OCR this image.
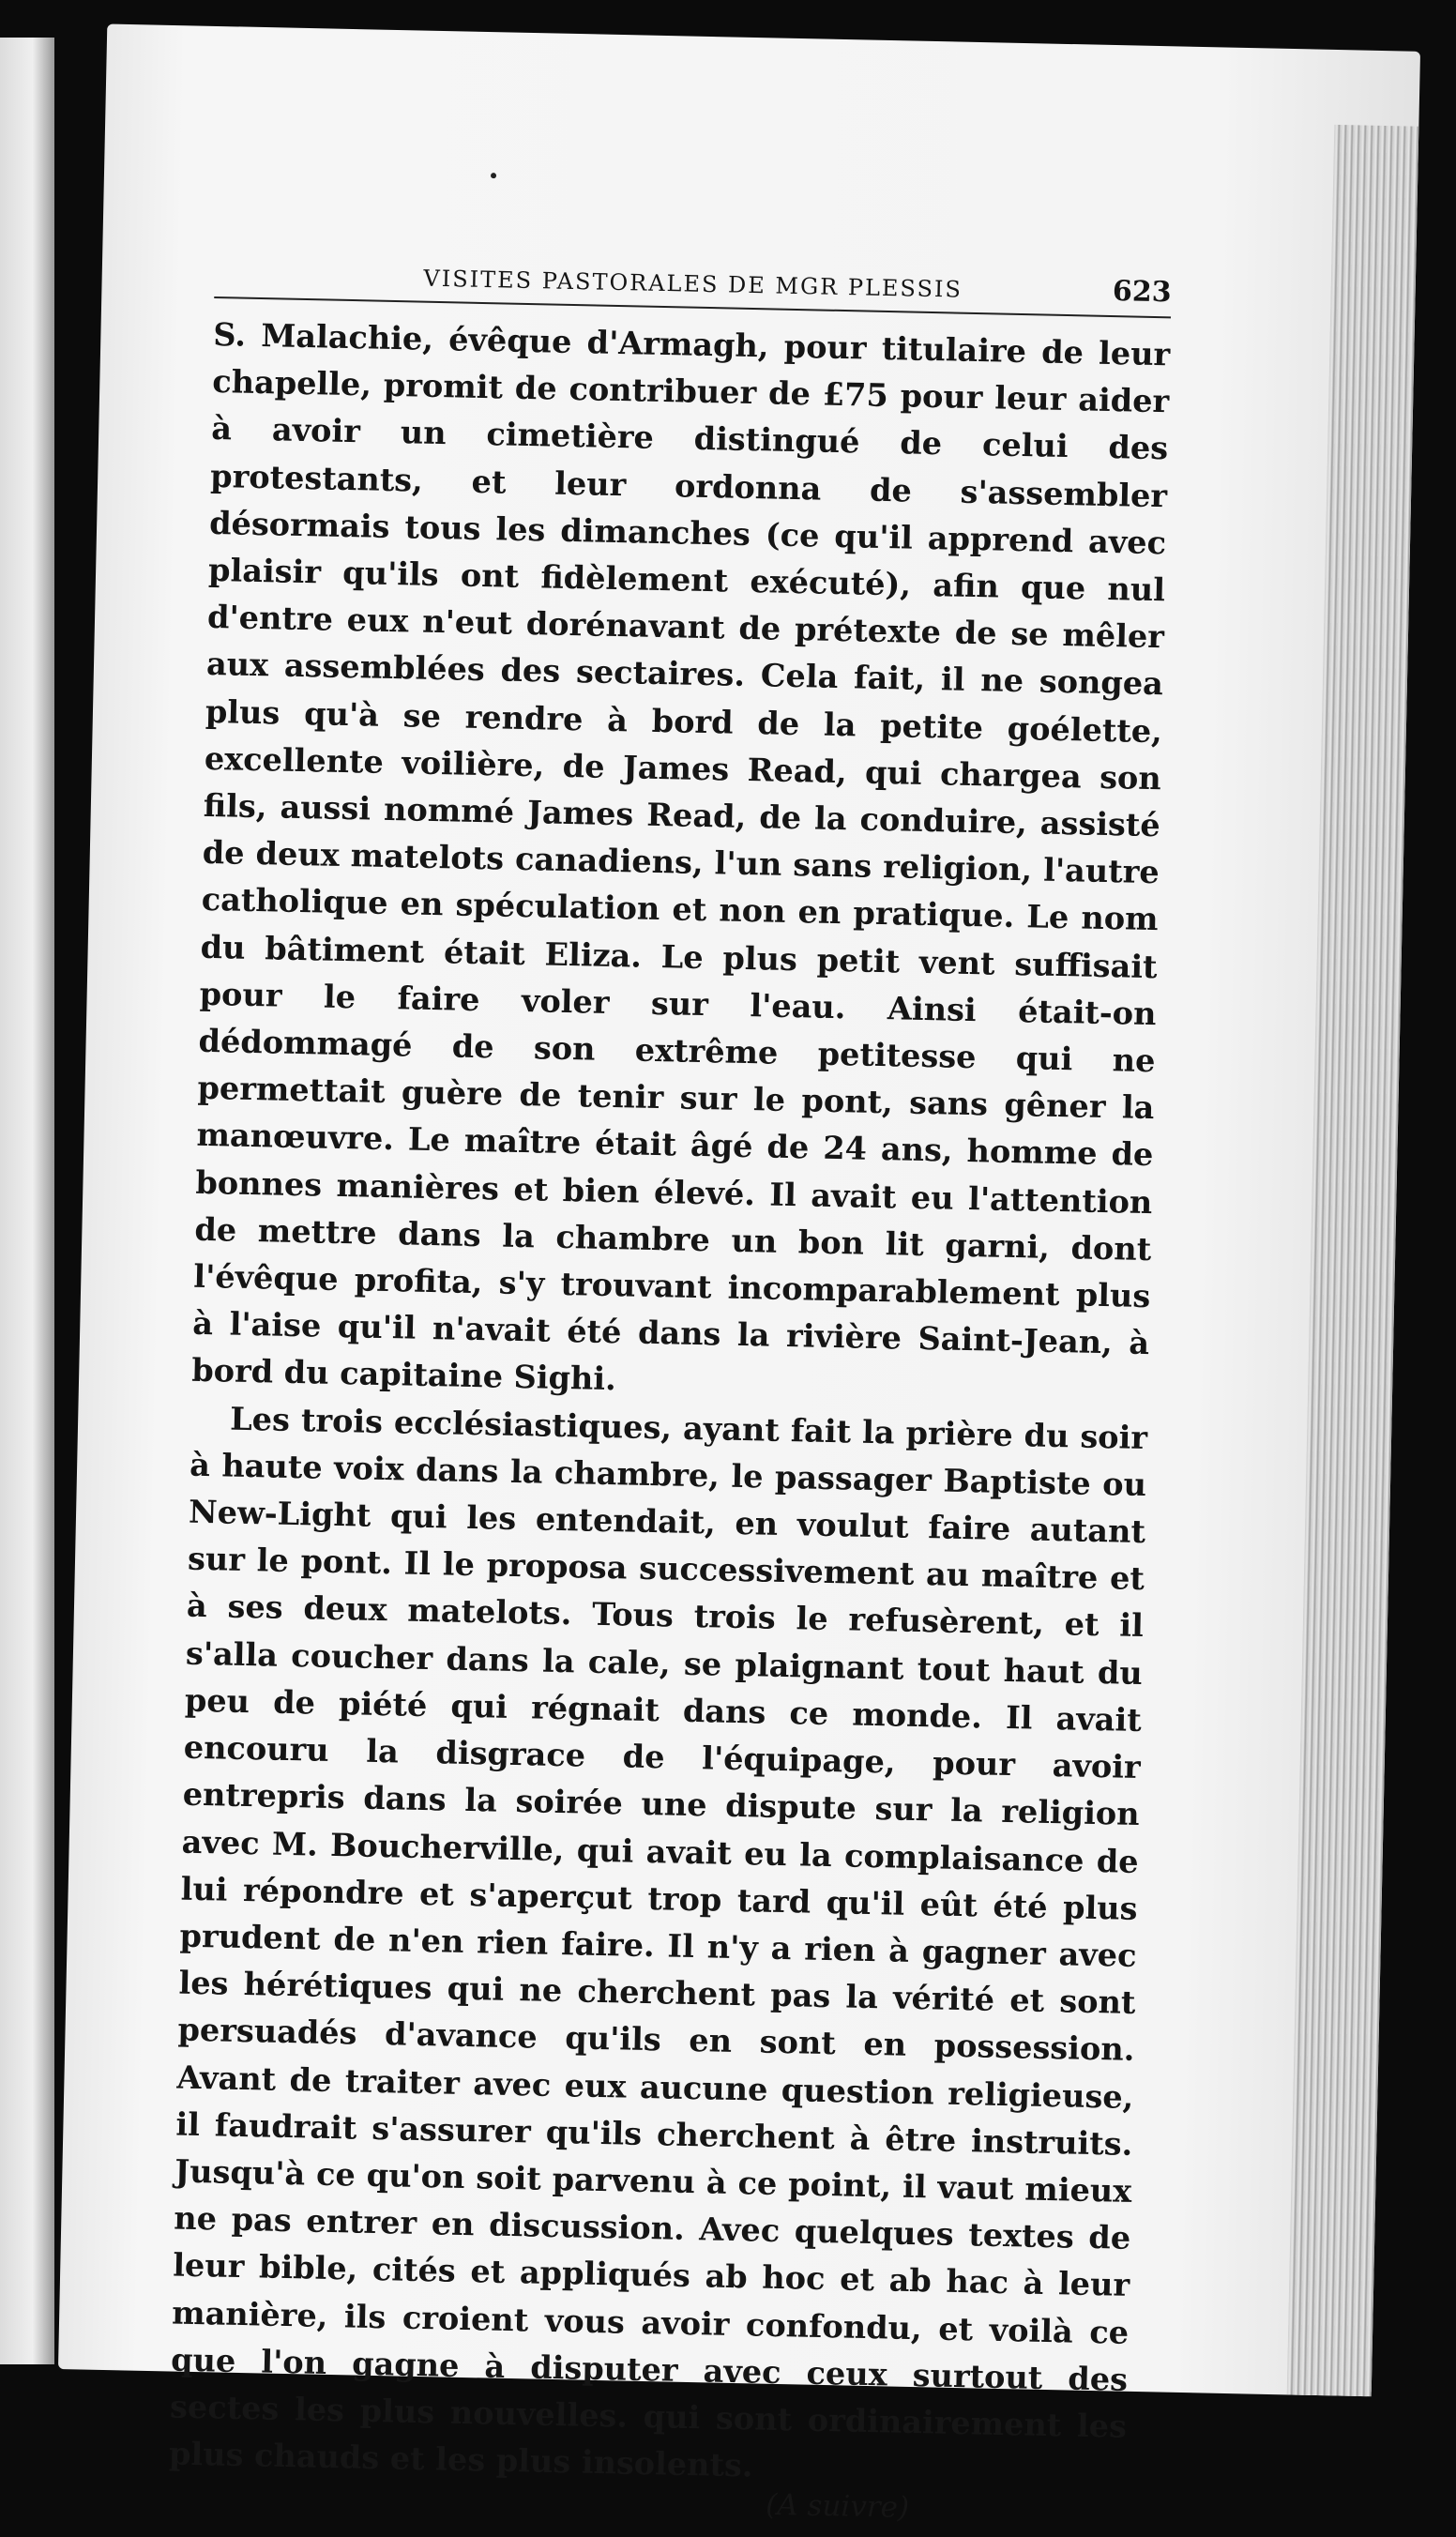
VISITES PASTORALES DE MGR PLESSIS	623

S. Malachie, évêque d'Armagh, pour titulaire de leur chapelle, promit de contribuer de £75 pour leur aider à avoir un cimetière distingué de celui des protestants, et leur ordonna de s'assembler désormais tous les dimanches (ce qu'il apprend avec plaisir qu'ils ont fidèlement exécuté), afin que nul d'entre eux n'eut dorénavant de prétexte de se mêler aux assemblées des sectaires. Cela fait, il ne songea plus qu'à se rendre à bord de la petite goélette, excellente voilière, de James Read, qui chargea son fils, aussi nommé James Read, de la conduire, assisté de deux matelots canadiens, l'un sans religion, l'autre catholique en spéculation et non en pratique. Le nom du bâtiment était Eliza. Le plus petit vent suffisait pour le faire voler sur l'eau. Ainsi était-on dédommagé de son extrême petitesse qui ne permettait guère de tenir sur le pont, sans gêner la manœuvre. Le maître était âgé de 24 ans, homme de bonnes manières et bien élevé. Il avait eu l'attention de mettre dans la chambre un bon lit garni, dont l'évêque profita, s'y trouvant incomparablement plus à l'aise qu'il n'avait été dans la rivière Saint-Jean, à bord du capitaine Sighi.

Les trois ecclésiastiques, ayant fait la prière du soir à haute voix dans la chambre, le passager Baptiste ou New-Light qui les entendait, en voulut faire autant sur le pont. Il le proposa successivement au maître et à ses deux matelots. Tous trois le refusèrent, et il s'alla coucher dans la cale, se plaignant tout haut du peu de piété qui régnait dans ce monde. Il avait encouru la disgrace de l'équipage, pour avoir entrepris dans la soirée une dispute sur la religion avec M. Boucherville, qui avait eu la complaisance de lui répondre et s'aperçut trop tard qu'il eût été plus prudent de n'en rien faire. Il n'y a rien à gagner avec les hérétiques qui ne cherchent pas la vérité et sont persuadés d'avance qu'ils en sont en possession. Avant de traiter avec eux aucune question religieuse, il faudrait s'assurer qu'ils cherchent à être instruits. Jusqu'à ce qu'on soit parvenu à ce point, il vaut mieux ne pas entrer en discussion. Avec quelques textes de leur bible, cités et appliqués ab hoc et ab hac à leur manière, ils croient vous avoir confondu, et voilà ce que l'on gagne à disputer avec ceux surtout des sectes les plus nouvelles. qui sont ordinairement les plus chauds et les plus insolents.

(A suivre)
